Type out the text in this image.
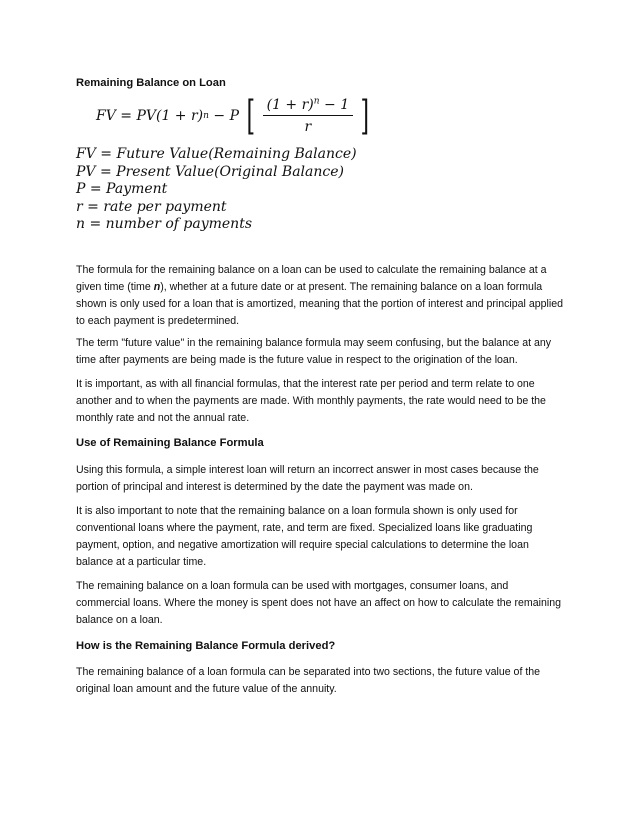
Remaining Balance on Loan
FV = PV(1 + r) n − P [ $\frac{(1 + r)^n - 1}{r}$ ]
FV = Future Value(Remaining Balance)
PV = Present Value(Original Balance)
P = Payment
r = rate per payment
n = number of payments
The formula for the remaining balance on a loan can be used to calculate the remaining balance at a given time (time n), whether at a future date or at present. The remaining balance on a loan formula shown is only used for a loan that is amortized, meaning that the portion of interest and principal applied to each payment is predetermined.
The term "future value" in the remaining balance formula may seem confusing, but the balance at any time after payments are being made is the future value in respect to the origination of the loan.
It is important, as with all financial formulas, that the interest rate per period and term relate to one another and to when the payments are made. With monthly payments, the rate would need to be the monthly rate and not the annual rate.
Use of Remaining Balance Formula
Using this formula, a simple interest loan will return an incorrect answer in most cases because the portion of principal and interest is determined by the date the payment was made on.
It is also important to note that the remaining balance on a loan formula shown is only used for conventional loans where the payment, rate, and term are fixed. Specialized loans like graduating payment, option, and negative amortization will require special calculations to determine the loan balance at a particular time.
The remaining balance on a loan formula can be used with mortgages, consumer loans, and commercial loans. Where the money is spent does not have an affect on how to calculate the remaining balance on a loan.
How is the Remaining Balance Formula derived?
The remaining balance of a loan formula can be separated into two sections, the future value of the original loan amount and the future value of the annuity.
